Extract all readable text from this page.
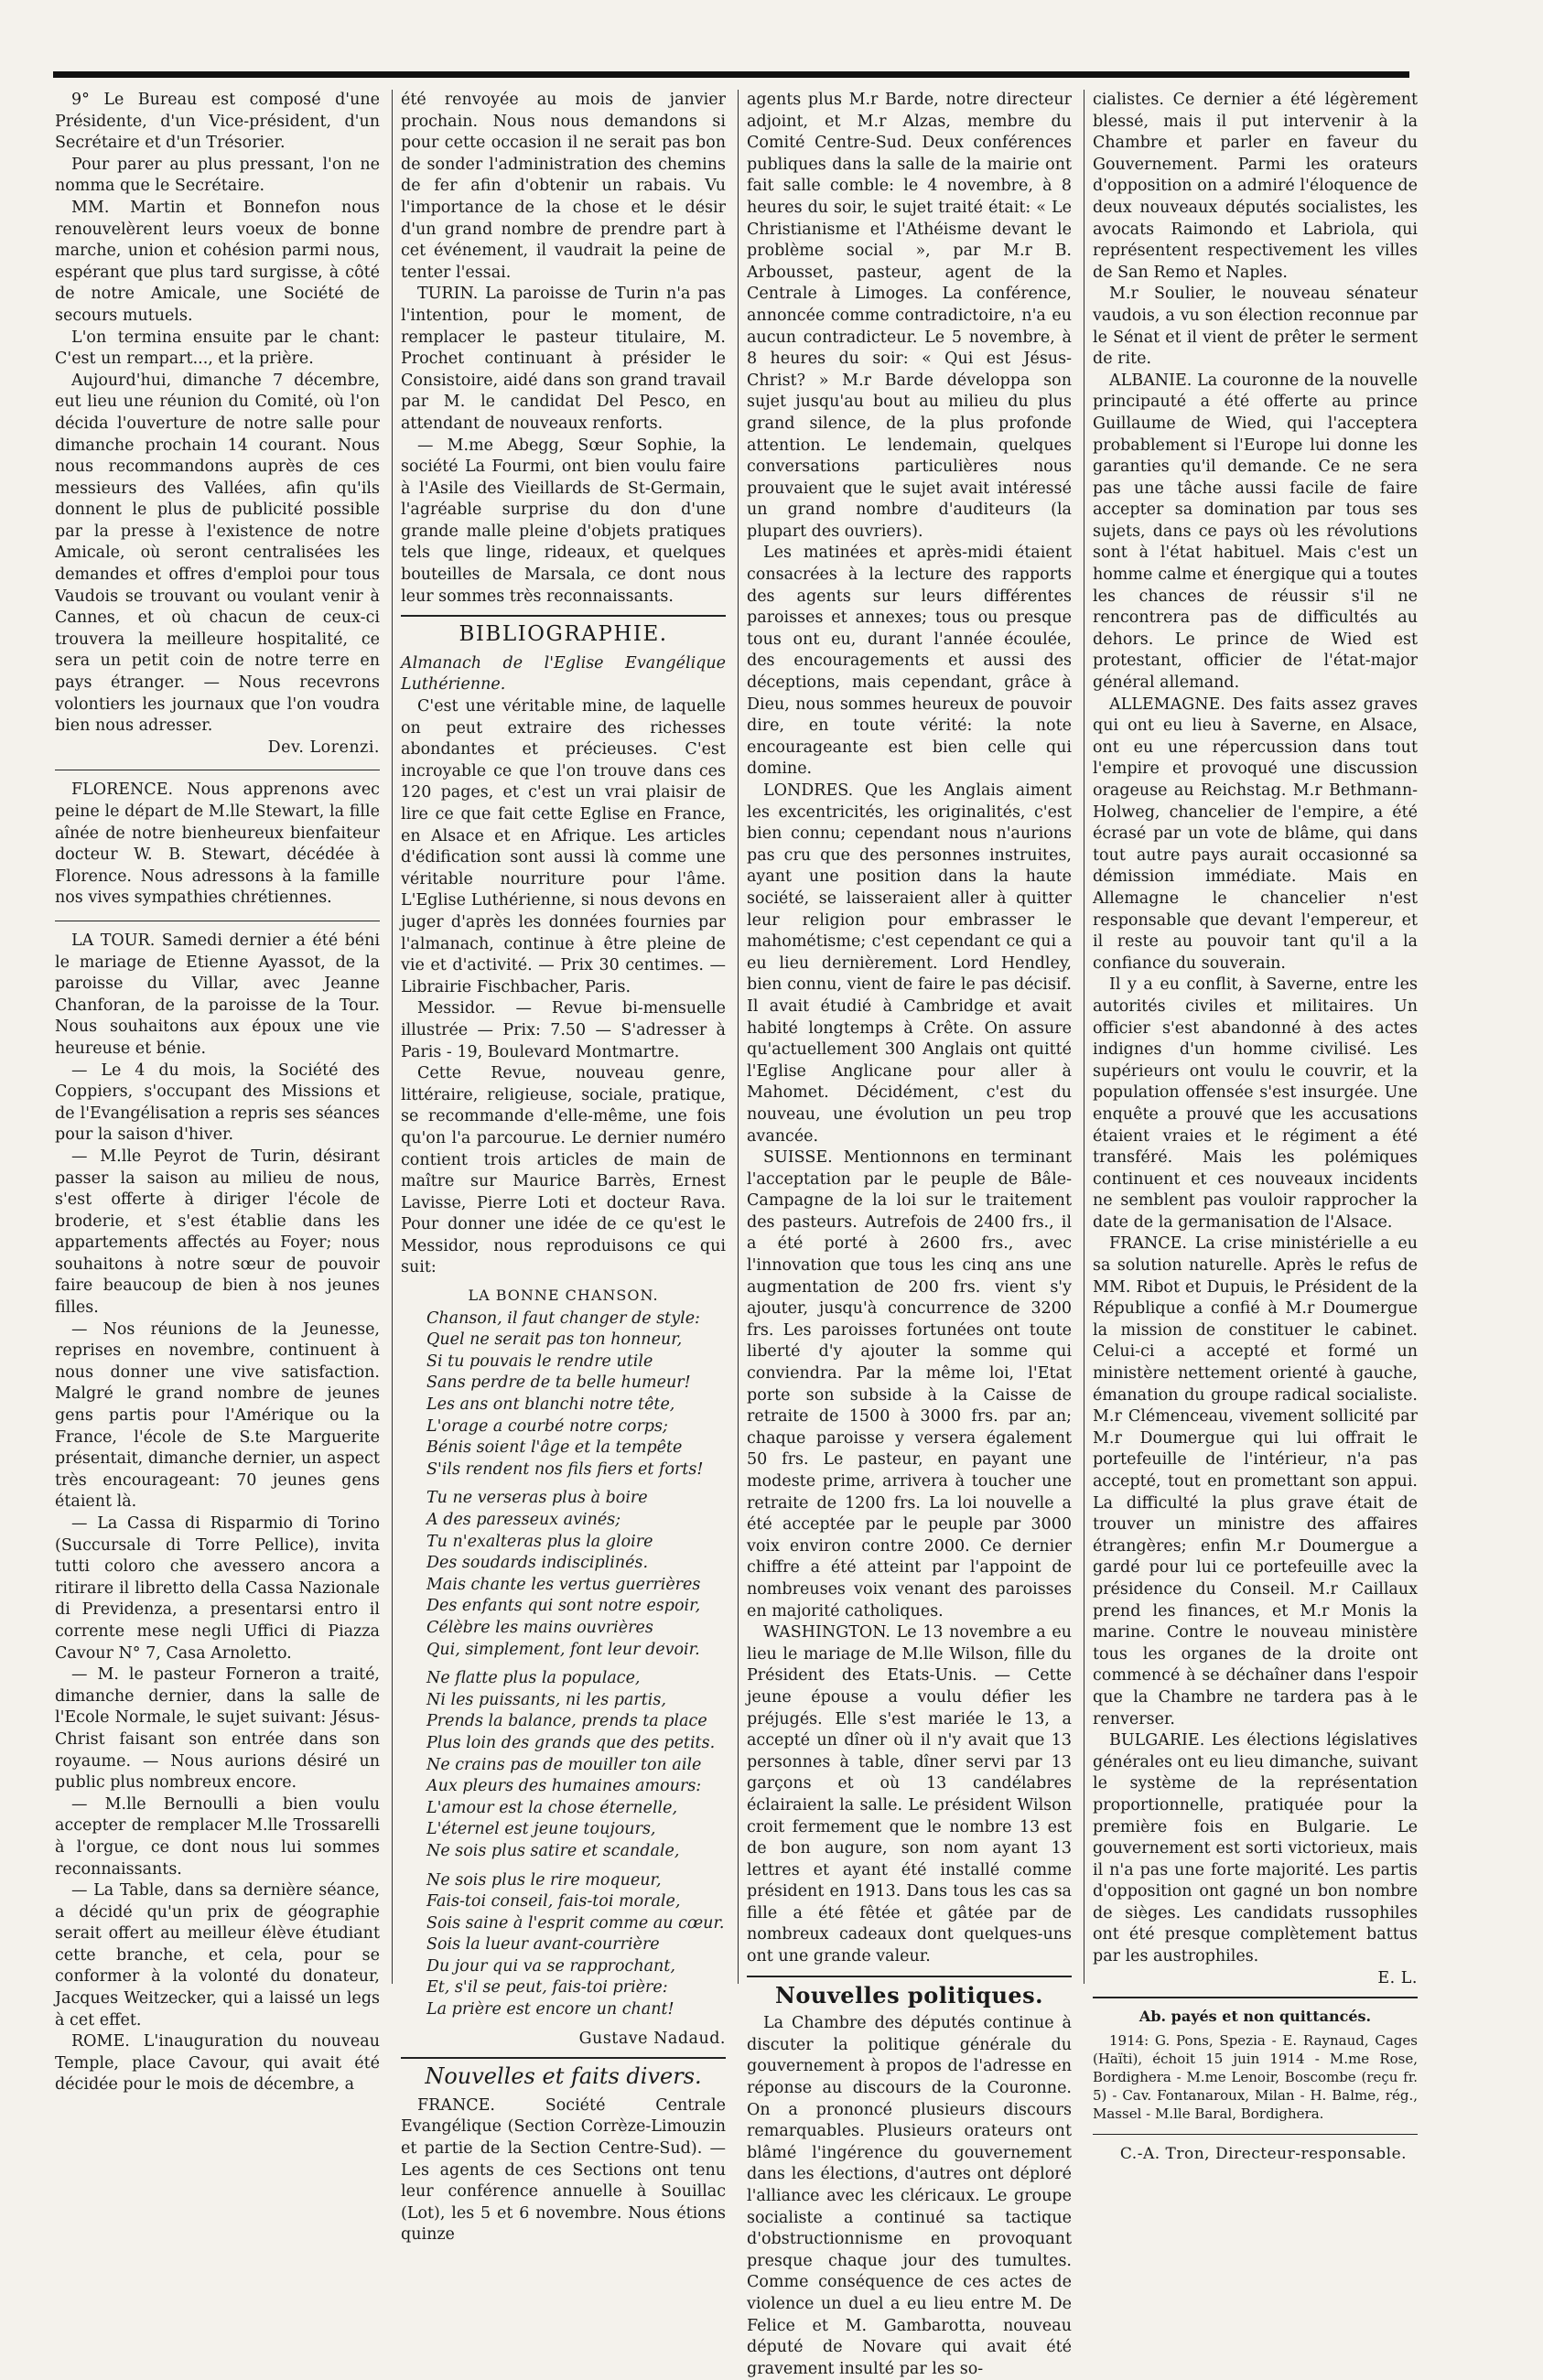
9° Le Bureau est composé d'une Présidente, d'un Vice-président, d'un Secrétaire et d'un Trésorier.

Pour parer au plus pressant, l'on ne nomma que le Secrétaire.

MM. Martin et Bonnefon nous renouvelèrent leurs voeux de bonne marche, union et cohésion parmi nous, espérant que plus tard surgisse, à côté de notre Amicale, une Société de secours mutuels.

L'on termina ensuite par le chant: C'est un rempart..., et la prière.

Aujourd'hui, dimanche 7 décembre, eut lieu une réunion du Comité, où l'on décida l'ouverture de notre salle pour dimanche prochain 14 courant. Nous nous recommandons auprès de ces messieurs des Vallées, afin qu'ils donnent le plus de publicité possible par la presse à l'existence de notre Amicale, où seront centralisées les demandes et offres d'emploi pour tous Vaudois se trouvant ou voulant venir à Cannes, et où chacun de ceux-ci trouvera la meilleure hospitalité, ce sera un petit coin de notre terre en pays étranger. — Nous recevrons volontiers les journaux que l'on voudra bien nous adresser.

Dev. Lorenzi.

FLORENCE. Nous apprenons avec peine le départ de M.lle Stewart, la fille aînée de notre bienheureux bienfaiteur docteur W. B. Stewart, décédée à Florence. Nous adressons à la famille nos vives sympathies chrétiennes.

LA TOUR. Samedi dernier a été béni le mariage de Etienne Ayassot, de la paroisse du Villar, avec Jeanne Chanforan, de la paroisse de la Tour. Nous souhaitons aux époux une vie heureuse et bénie.

— Le 4 du mois, la Société des Coppiers, s'occupant des Missions et de l'Evangélisation a repris ses séances pour la saison d'hiver.

— M.lle Peyrot de Turin, désirant passer la saison au milieu de nous, s'est offerte à diriger l'école de broderie, et s'est établie dans les appartements affectés au Foyer; nous souhaitons à notre sœur de pouvoir faire beaucoup de bien à nos jeunes filles.

— Nos réunions de la Jeunesse, reprises en novembre, continuent à nous donner une vive satisfaction. Malgré le grand nombre de jeunes gens partis pour l'Amérique ou la France, l'école de S.te Marguerite présentait, dimanche dernier, un aspect très encourageant: 70 jeunes gens étaient là.

— La Cassa di Risparmio di Torino (Succursale di Torre Pellice), invita tutti coloro che avessero ancora a ritirare il libretto della Cassa Nazionale di Previdenza, a presentarsi entro il corrente mese negli Uffici di Piazza Cavour N° 7, Casa Arnoletto.

— M. le pasteur Forneron a traité, dimanche dernier, dans la salle de l'Ecole Normale, le sujet suivant: Jésus-Christ faisant son entrée dans son royaume. — Nous aurions désiré un public plus nombreux encore.

— M.lle Bernoulli a bien voulu accepter de remplacer M.lle Trossarelli à l'orgue, ce dont nous lui sommes reconnaissants.

— La Table, dans sa dernière séance, a décidé qu'un prix de géographie serait offert au meilleur élève étudiant cette branche, et cela, pour se conformer à la volonté du donateur, Jacques Weitzecker, qui a laissé un legs à cet effet.

ROME. L'inauguration du nouveau Temple, place Cavour, qui avait été décidée pour le mois de décembre, a

été renvoyée au mois de janvier prochain. Nous nous demandons si pour cette occasion il ne serait pas bon de sonder l'administration des chemins de fer afin d'obtenir un rabais. Vu l'importance de la chose et le désir d'un grand nombre de prendre part à cet événement, il vaudrait la peine de tenter l'essai.

TURIN. La paroisse de Turin n'a pas l'intention, pour le moment, de remplacer le pasteur titulaire, M. Prochet continuant à présider le Consistoire, aidé dans son grand travail par M. le candidat Del Pesco, en attendant de nouveaux renforts.

— M.me Abegg, Sœur Sophie, la société La Fourmi, ont bien voulu faire à l'Asile des Vieillards de St-Germain, l'agréable surprise du don d'une grande malle pleine d'objets pratiques tels que linge, rideaux, et quelques bouteilles de Marsala, ce dont nous leur sommes très reconnaissants.

BIBLIOGRAPHIE.

Almanach de l'Eglise Evangélique Luthérienne.

C'est une véritable mine, de laquelle on peut extraire des richesses abondantes et précieuses. C'est incroyable ce que l'on trouve dans ces 120 pages, et c'est un vrai plaisir de lire ce que fait cette Eglise en France, en Alsace et en Afrique. Les articles d'édification sont aussi là comme une véritable nourriture pour l'âme. L'Eglise Luthérienne, si nous devons en juger d'après les données fournies par l'almanach, continue à être pleine de vie et d'activité. — Prix 30 centimes. — Librairie Fischbacher, Paris.

Messidor. — Revue bi-mensuelle illustrée — Prix: 7.50 — S'adresser à Paris - 19, Boulevard Montmartre.

Cette Revue, nouveau genre, littéraire, religieuse, sociale, pratique, se recommande d'elle-même, une fois qu'on l'a parcourue. Le dernier numéro contient trois articles de main de maître sur Maurice Barrès, Ernest Lavisse, Pierre Loti et docteur Rava. Pour donner une idée de ce qu'est le Messidor, nous reproduisons ce qui suit:

LA BONNE CHANSON.

Chanson, il faut changer de style:

Quel ne serait pas ton honneur,

Si tu pouvais le rendre utile

Sans perdre de ta belle humeur!

Les ans ont blanchi notre tête,

L'orage a courbé notre corps;

Bénis soient l'âge et la tempête

S'ils rendent nos fils fiers et forts!

Tu ne verseras plus à boire

A des paresseux avinés;

Tu n'exalteras plus la gloire

Des soudards indisciplinés.

Mais chante les vertus guerrières

Des enfants qui sont notre espoir,

Célèbre les mains ouvrières

Qui, simplement, font leur devoir.

Ne flatte plus la populace,

Ni les puissants, ni les partis,

Prends la balance, prends ta place

Plus loin des grands que des petits.

Ne crains pas de mouiller ton aile

Aux pleurs des humaines amours:

L'amour est la chose éternelle,

L'éternel est jeune toujours,

Ne sois plus satire et scandale,

Ne sois plus le rire moqueur,

Fais-toi conseil, fais-toi morale,

Sois saine à l'esprit comme au cœur.

Sois la lueur avant-courrière

Du jour qui va se rapprochant,

Et, s'il se peut, fais-toi prière:

La prière est encore un chant!

Gustave Nadaud.

Nouvelles et faits divers.

FRANCE. Société Centrale Evangélique (Section Corrèze-Limouzin et partie de la Section Centre-Sud). — Les agents de ces Sections ont tenu leur conférence annuelle à Souillac (Lot), les 5 et 6 novembre. Nous étions quinze

agents plus M.r Barde, notre directeur adjoint, et M.r Alzas, membre du Comité Centre-Sud. Deux conférences publiques dans la salle de la mairie ont fait salle comble: le 4 novembre, à 8 heures du soir, le sujet traité était: « Le Christianisme et l'Athéisme devant le problème social », par M.r B. Arbousset, pasteur, agent de la Centrale à Limoges. La conférence, annoncée comme contradictoire, n'a eu aucun contradicteur. Le 5 novembre, à 8 heures du soir: « Qui est Jésus-Christ? » M.r Barde développa son sujet jusqu'au bout au milieu du plus grand silence, de la plus profonde attention. Le lendemain, quelques conversations particulières nous prouvaient que le sujet avait intéressé un grand nombre d'auditeurs (la plupart des ouvriers).

Les matinées et après-midi étaient consacrées à la lecture des rapports des agents sur leurs différentes paroisses et annexes; tous ou presque tous ont eu, durant l'année écoulée, des encouragements et aussi des déceptions, mais cependant, grâce à Dieu, nous sommes heureux de pouvoir dire, en toute vérité: la note encourageante est bien celle qui domine.

LONDRES. Que les Anglais aiment les excentricités, les originalités, c'est bien connu; cependant nous n'aurions pas cru que des personnes instruites, ayant une position dans la haute société, se laisseraient aller à quitter leur religion pour embrasser le mahométisme; c'est cependant ce qui a eu lieu dernièrement. Lord Hendley, bien connu, vient de faire le pas décisif. Il avait étudié à Cambridge et avait habité longtemps à Crête. On assure qu'actuellement 300 Anglais ont quitté l'Eglise Anglicane pour aller à Mahomet. Décidément, c'est du nouveau, une évolution un peu trop avancée.

SUISSE. Mentionnons en terminant l'acceptation par le peuple de Bâle-Campagne de la loi sur le traitement des pasteurs. Autrefois de 2400 frs., il a été porté à 2600 frs., avec l'innovation que tous les cinq ans une augmentation de 200 frs. vient s'y ajouter, jusqu'à concurrence de 3200 frs. Les paroisses fortunées ont toute liberté d'y ajouter la somme qui conviendra. Par la même loi, l'Etat porte son subside à la Caisse de retraite de 1500 à 3000 frs. par an; chaque paroisse y versera également 50 frs. Le pasteur, en payant une modeste prime, arrivera à toucher une retraite de 1200 frs. La loi nouvelle a été acceptée par le peuple par 3000 voix environ contre 2000. Ce dernier chiffre a été atteint par l'appoint de nombreuses voix venant des paroisses en majorité catholiques.

WASHINGTON. Le 13 novembre a eu lieu le mariage de M.lle Wilson, fille du Président des Etats-Unis. — Cette jeune épouse a voulu défier les préjugés. Elle s'est mariée le 13, a accepté un dîner où il n'y avait que 13 personnes à table, dîner servi par 13 garçons et où 13 candélabres éclairaient la salle. Le président Wilson croit fermement que le nombre 13 est de bon augure, son nom ayant 13 lettres et ayant été installé comme président en 1913. Dans tous les cas sa fille a été fêtée et gâtée par de nombreux cadeaux dont quelques-uns ont une grande valeur.

Nouvelles politiques.

La Chambre des députés continue à discuter la politique générale du gouvernement à propos de l'adresse en réponse au discours de la Couronne. On a prononcé plusieurs discours remarquables. Plusieurs orateurs ont blâmé l'ingérence du gouvernement dans les élections, d'autres ont déploré l'alliance avec les cléricaux. Le groupe socialiste a continué sa tactique d'obstructionnisme en provoquant presque chaque jour des tumultes. Comme conséquence de ces actes de violence un duel a eu lieu entre M. De Felice et M. Gambarotta, nouveau député de Novare qui avait été gravement insulté par les so-

cialistes. Ce dernier a été légèrement blessé, mais il put intervenir à la Chambre et parler en faveur du Gouvernement. Parmi les orateurs d'opposition on a admiré l'éloquence de deux nouveaux députés socialistes, les avocats Raimondo et Labriola, qui représentent respectivement les villes de San Remo et Naples.

M.r Soulier, le nouveau sénateur vaudois, a vu son élection reconnue par le Sénat et il vient de prêter le serment de rite.

ALBANIE. La couronne de la nouvelle principauté a été offerte au prince Guillaume de Wied, qui l'acceptera probablement si l'Europe lui donne les garanties qu'il demande. Ce ne sera pas une tâche aussi facile de faire accepter sa domination par tous ses sujets, dans ce pays où les révolutions sont à l'état habituel. Mais c'est un homme calme et énergique qui a toutes les chances de réussir s'il ne rencontrera pas de difficultés au dehors. Le prince de Wied est protestant, officier de l'état-major général allemand.

ALLEMAGNE. Des faits assez graves qui ont eu lieu à Saverne, en Alsace, ont eu une répercussion dans tout l'empire et provoqué une discussion orageuse au Reichstag. M.r Bethmann-Holweg, chancelier de l'empire, a été écrasé par un vote de blâme, qui dans tout autre pays aurait occasionné sa démission immédiate. Mais en Allemagne le chancelier n'est responsable que devant l'empereur, et il reste au pouvoir tant qu'il a la confiance du souverain.

Il y a eu conflit, à Saverne, entre les autorités civiles et militaires. Un officier s'est abandonné à des actes indignes d'un homme civilisé. Les supérieurs ont voulu le couvrir, et la population offensée s'est insurgée. Une enquête a prouvé que les accusations étaient vraies et le régiment a été transféré. Mais les polémiques continuent et ces nouveaux incidents ne semblent pas vouloir rapprocher la date de la germanisation de l'Alsace.

FRANCE. La crise ministérielle a eu sa solution naturelle. Après le refus de MM. Ribot et Dupuis, le Président de la République a confié à M.r Doumergue la mission de constituer le cabinet. Celui-ci a accepté et formé un ministère nettement orienté à gauche, émanation du groupe radical socialiste. M.r Clémenceau, vivement sollicité par M.r Doumergue qui lui offrait le portefeuille de l'intérieur, n'a pas accepté, tout en promettant son appui. La difficulté la plus grave était de trouver un ministre des affaires étrangères; enfin M.r Doumergue a gardé pour lui ce portefeuille avec la présidence du Conseil. M.r Caillaux prend les finances, et M.r Monis la marine. Contre le nouveau ministère tous les organes de la droite ont commencé à se déchaîner dans l'espoir que la Chambre ne tardera pas à le renverser.

BULGARIE. Les élections législatives générales ont eu lieu dimanche, suivant le système de la représentation proportionnelle, pratiquée pour la première fois en Bulgarie. Le gouvernement est sorti victorieux, mais il n'a pas une forte majorité. Les partis d'opposition ont gagné un bon nombre de sièges. Les candidats russophiles ont été presque complètement battus par les austrophiles.

E. L.

Ab. payés et non quittancés.

1914: G. Pons, Spezia - E. Raynaud, Cages (Haïti), échoit 15 juin 1914 - M.me Rose, Bordighera - M.me Lenoir, Boscombe (reçu fr. 5) - Cav. Fontanaroux, Milan - H. Balme, rég., Massel - M.lle Baral, Bordighera.

C.-A. Tron, Directeur-responsable.
